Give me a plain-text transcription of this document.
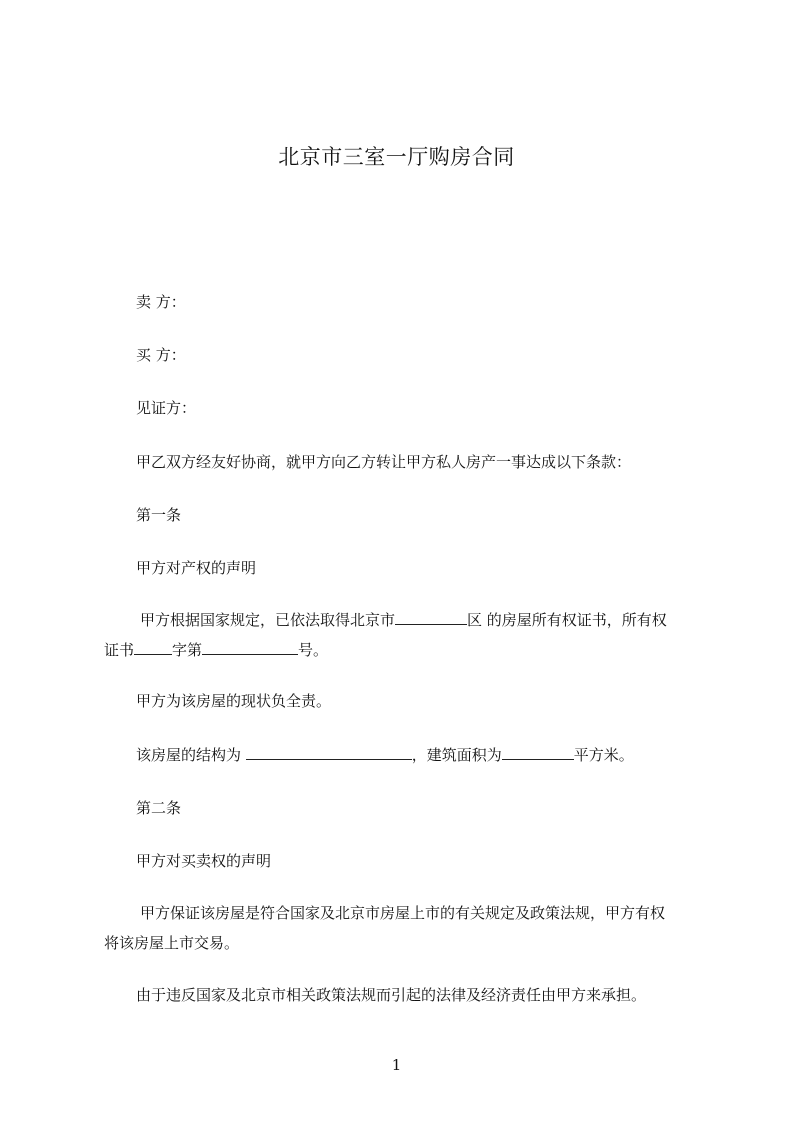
北京市三室一厅购房合同
卖 方：
买 方：
见证方：
甲乙双方经友好协商，就甲方向乙方转让甲方私人房产一事达成以下条款：
第一条
甲方对产权的声明
甲方根据国家规定，已依法取得北京市	区 的房屋所有权证书，所有权
证书	字第	号。
甲方为该房屋的现状负全责。
该房屋的结构为	，建筑面积为	平方米。
第二条
甲方对买卖权的声明
甲方保证该房屋是符合国家及北京市房屋上市的有关规定及政策法规，甲方有权
将该房屋上市交易。
由于违反国家及北京市相关政策法规而引起的法律及经济责任由甲方来承担。
1
